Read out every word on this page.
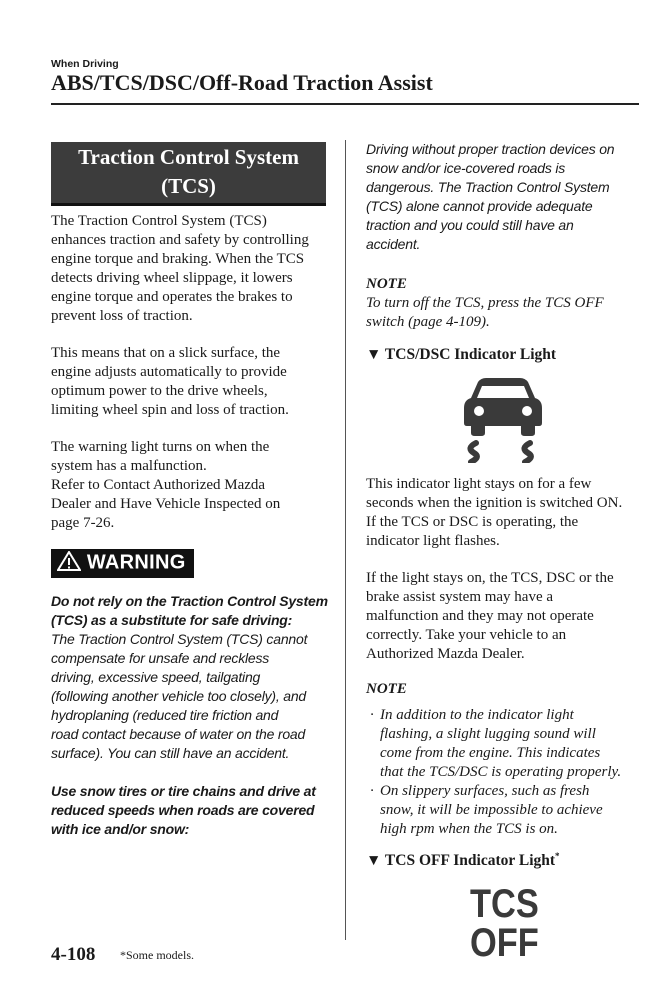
When Driving
ABS/TCS/DSC/Off-Road Traction Assist
Traction Control System
(TCS)

The Traction Control System (TCS)
enhances traction and safety by controlling
engine torque and braking. When the TCS
detects driving wheel slippage, it lowers
engine torque and operates the brakes to
prevent loss of traction.

This means that on a slick surface, the
engine adjusts automatically to provide
optimum power to the drive wheels,
limiting wheel spin and loss of traction.

The warning light turns on when the
system has a malfunction.
Refer to Contact Authorized Mazda
Dealer and Have Vehicle Inspected on
page 7-26.

WARNING

Do not rely on the Traction Control System
(TCS) as a substitute for safe driving:

The Traction Control System (TCS) cannot
compensate for unsafe and reckless
driving, excessive speed, tailgating
(following another vehicle too closely), and
hydroplaning (reduced tire friction and
road contact because of water on the road
surface). You can still have an accident.

Use snow tires or tire chains and drive at
reduced speeds when roads are covered
with ice and/or snow:

Driving without proper traction devices on
snow and/or ice-covered roads is
dangerous. The Traction Control System
(TCS) alone cannot provide adequate
traction and you could still have an
accident.

NOTE

To turn off the TCS, press the TCS OFF
switch (page 4-109).

▼ TCS/DSC Indicator Light

This indicator light stays on for a few
seconds when the ignition is switched ON.
If the TCS or DSC is operating, the
indicator light flashes.

If the light stays on, the TCS, DSC or the
brake assist system may have a
malfunction and they may not operate
correctly. Take your vehicle to an
Authorized Mazda Dealer.

NOTE

· In addition to the indicator light
flashing, a slight lugging sound will
come from the engine. This indicates
that the TCS/DSC is operating properly.
· On slippery surfaces, such as fresh
snow, it will be impossible to achieve
high rpm when the TCS is on.

▼ TCS OFF Indicator Light*

TCS
OFF
4-108 *Some models.
